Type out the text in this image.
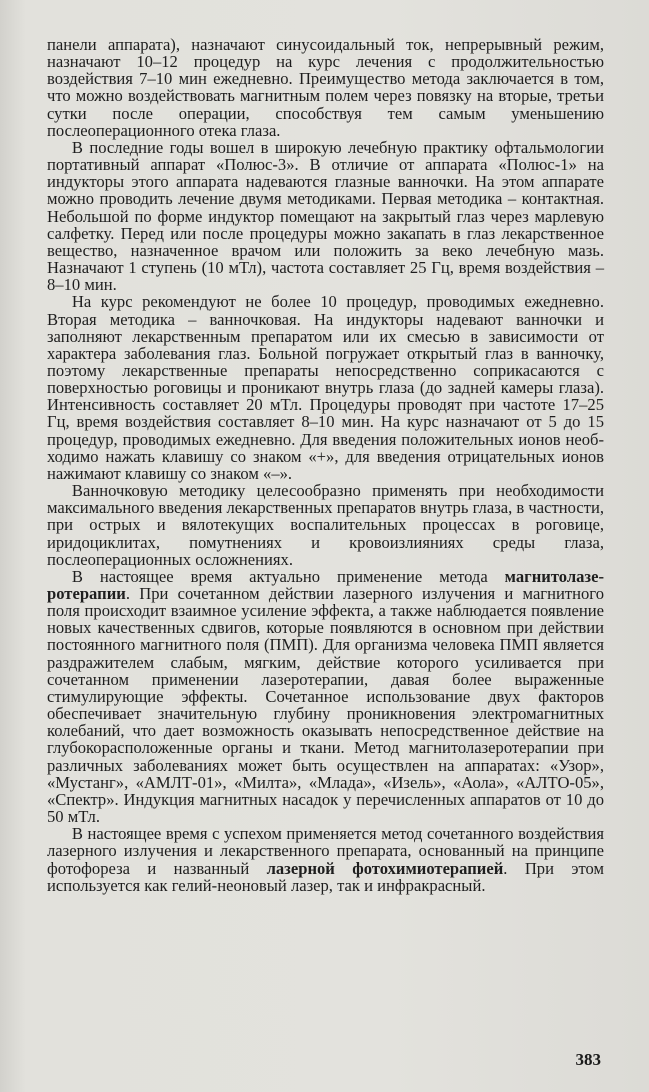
панели аппарата), назначают синусоидальный ток, непрерывный режим, назначают 10–12 процедур на курс лечения с продолжительностью воздействия 7–10 мин ежедневно. Преимущество метода заключается в том, что можно воздействовать магнитным полем через повязку на вторые, третьи сутки после операции, способствуя тем самым уменьшению послеоперационного отека глаза.

В последние годы вошел в широкую лечебную практику офтальмологии портативный аппарат «Полюс-3». В отличие от аппарата «Полюс-1» на индукторы этого аппарата надеваются глазные ванночки. На этом аппарате можно проводить лечение двумя методиками. Первая методика – контактная. Небольшой по форме индуктор помещают на закрытый глаз через марлевую салфетку. Перед или после процедуры можно закапать в глаз лекарственное вещество, назначенное врачом или положить за веко лечебную мазь. Назначают 1 ступень (10 мТл), частота составляет 25 Гц, время воздействия – 8–10 мин.

На курс рекомендуют не более 10 процедур, проводимых ежедневно. Вторая методика – ванночковая. На индукторы надевают ванночки и заполняют лекарственным препаратом или их смесью в зависимости от характера заболевания глаз. Больной погружает открытый глаз в ванночку, поэтому лекарственные препараты непосредственно соприкасаются с поверхностью роговицы и проникают внутрь глаза (до задней камеры глаза). Интенсивность составляет 20 мТл. Процедуры проводят при частоте 17–25 Гц, время воздействия составляет 8–10 мин. На курс назначают от 5 до 15 процедур, проводимых ежедневно. Для введения положительных ионов необходимо нажать клавишу со знаком «+», для введения отрицательных ионов нажимают клавишу со знаком «–».

Ванночковую методику целесообразно применять при необходимости максимального введения лекарственных препаратов внутрь глаза, в частности, при острых и вялотекущих воспалительных процессах в роговице, иридоциклитах, помутнениях и кровоизлияниях среды глаза, послеоперационных осложнениях.

В настоящее время актуально применение метода магнитолазеротерапии. При сочетанном действии лазерного излучения и магнитного поля происходит взаимное усиление эффекта, а также наблюдается появление новых качественных сдвигов, которые появляются в основном при действии постоянного магнитного поля (ПМП). Для организма человека ПМП является раздражителем слабым, мягким, действие которого усиливается при сочетанном применении лазеротерапии, давая более выраженные стимулирующие эффекты. Сочетанное использование двух факторов обеспечивает значительную глубину проникновения электромагнитных колебаний, что дает возможность оказывать непосредственное действие на глубокорасположенные органы и ткани. Метод магнитолазеротерапии при различных заболеваниях может быть осуществлен на аппаратах: «Узор», «Мустанг», «АМЛТ-01», «Милта», «Млада», «Изель», «Аола», «АЛТО-05», «Спектр». Индукция магнитных насадок у перечисленных аппаратов от 10 до 50 мТл.

В настоящее время с успехом применяется метод сочетанного воздействия лазерного излучения и лекарственного препарата, основанный на принципе фотофореза и названный лазерной фотохимиотерапией. При этом используется как гелий-неоновый лазер, так и инфракрасный.

383
